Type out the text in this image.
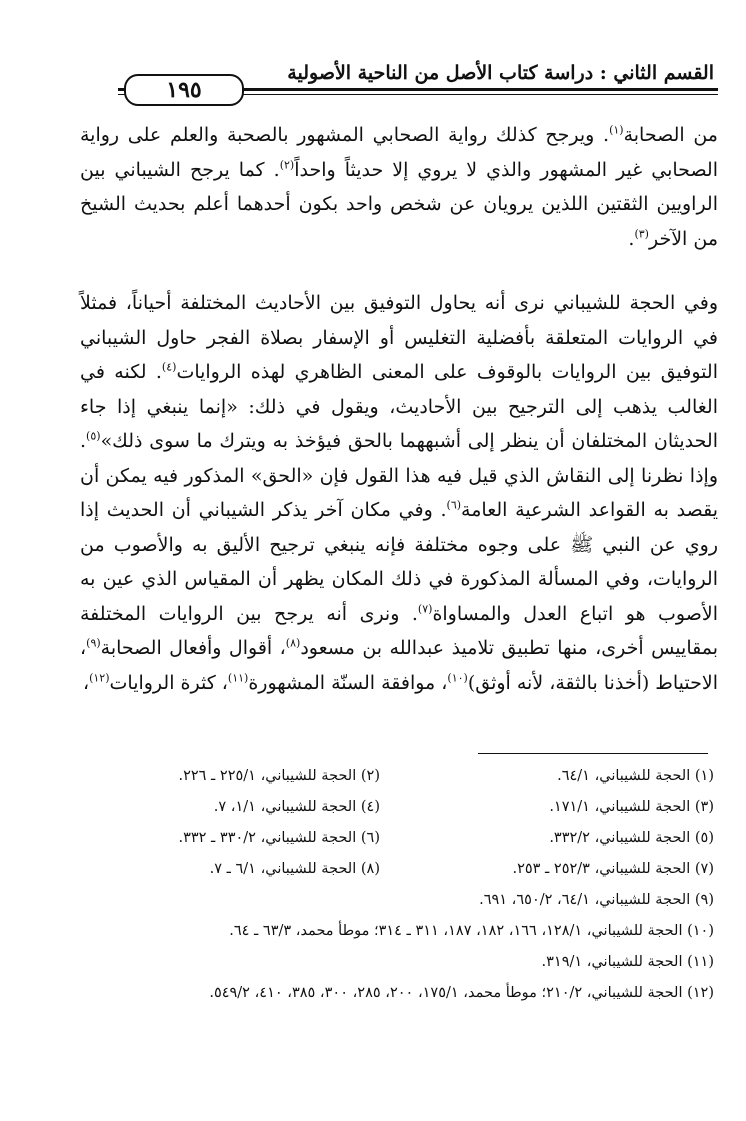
القسم الثاني : دراسة كتاب الأصل من الناحية الأصولية
١٩٥
من الصحابة$^{(١)}$. ويرجح كذلك رواية الصحابي المشهور بالصحبة والعلم على رواية الصحابي غير المشهور والذي لا يروي إلا حديثاً واحداً$^{(٢)}$. كما يرجح الشيباني بين الراويين الثقتين اللذين يرويان عن شخص واحد بكون أحدهما أعلم بحديث الشيخ من الآخر$^{(٣)}$.
وفي الحجة للشيباني نرى أنه يحاول التوفيق بين الأحاديث المختلفة أحياناً، فمثلاً في الروايات المتعلقة بأفضلية التغليس أو الإسفار بصلاة الفجر حاول الشيباني التوفيق بين الروايات بالوقوف على المعنى الظاهري لهذه الروايات$^{(٤)}$. لكنه في الغالب يذهب إلى الترجيح بين الأحاديث، ويقول في ذلك: «إنما ينبغي إذا جاء الحديثان المختلفان أن ينظر إلى أشبههما بالحق فيؤخذ به ويترك ما سوى ذلك»$^{(٥)}$. وإذا نظرنا إلى النقاش الذي قيل فيه هذا القول فإن «الحق» المذكور فيه يمكن أن يقصد به القواعد الشرعية العامة$^{(٦)}$. وفي مكان آخر يذكر الشيباني أن الحديث إذا روي عن النبي ﷺ على وجوه مختلفة فإنه ينبغي ترجيح الأليق به والأصوب من الروايات، وفي المسألة المذكورة في ذلك المكان يظهر أن المقياس الذي عين به الأصوب هو اتباع العدل والمساواة$^{(٧)}$. ونرى أنه يرجح بين الروايات المختلفة بمقاييس أخرى، منها تطبيق تلاميذ عبدالله بن مسعود$^{(٨)}$، أقوال وأفعال الصحابة$^{(٩)}$، الاحتياط (أخذنا بالثقة، لأنه أوثق)$^{(١٠)}$، موافقة السنّة المشهورة$^{(١١)}$، كثرة الروايات$^{(١٢)}$،
(١) الحجة للشيباني، ٦٤/١.
(٢) الحجة للشيباني، ٢٢٥/١ ـ ٢٢٦.
(٣) الحجة للشيباني، ١٧١/١.
(٤) الحجة للشيباني، ١/١، ٧.
(٥) الحجة للشيباني، ٣٣٢/٢.
(٦) الحجة للشيباني، ٣٣٠/٢ ـ ٣٣٢.
(٧) الحجة للشيباني، ٢٥٢/٣ ـ ٢٥٣.
(٨) الحجة للشيباني، ٦/١ ـ ٧.
(٩) الحجة للشيباني، ٦٤/١، ٦٥٠/٢، ٦٩١.
(١٠) الحجة للشيباني، ١٢٨/١، ١٦٦، ١٨٢، ١٨٧، ٣١١ ـ ٣١٤؛ موطأ محمد، ٦٣/٣ ـ ٦٤.
(١١) الحجة للشيباني، ٣١٩/١.
(١٢) الحجة للشيباني، ٢١٠/٢؛ موطأ محمد، ١٧٥/١، ٢٠٠، ٢٨٥، ٣٠٠، ٣٨٥، ٤١٠، ٥٤٩/٢.
